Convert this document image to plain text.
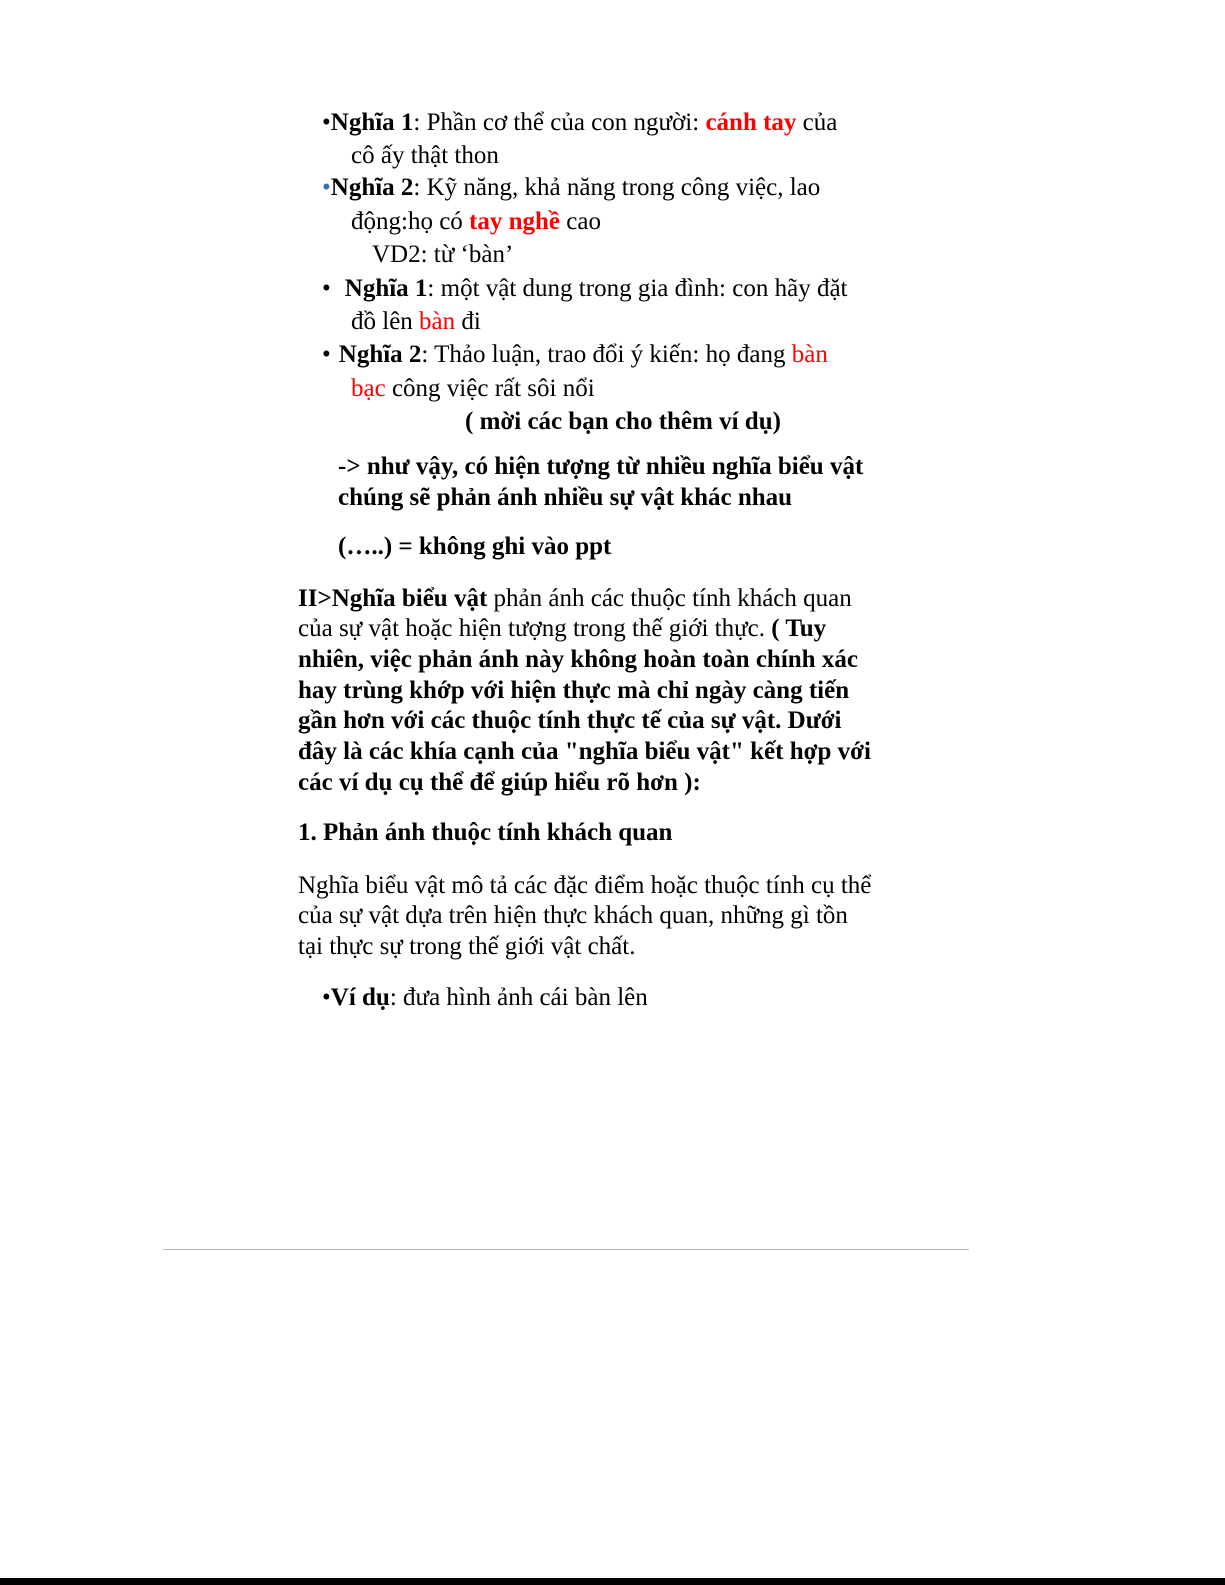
•Nghĩa 1: Phần cơ thể của con người: cánh tay của
cô ấy thật thon
•Nghĩa 2: Kỹ năng, khả năng trong công việc, lao
động:họ có tay nghề cao
VD2: từ ‘bàn’
• Nghĩa 1: một vật dung trong gia đình: con hãy đặt
đồ lên bàn đi
• Nghĩa 2: Thảo luận, trao đổi ý kiến: họ đang bàn
bạc công việc rất sôi nổi
( mời các bạn cho thêm ví dụ)
-> như vậy, có hiện tượng từ nhiều nghĩa biểu vật
chúng sẽ phản ánh nhiều sự vật khác nhau
(…..) = không ghi vào ppt
II>Nghĩa biểu vật phản ánh các thuộc tính khách quan
của sự vật hoặc hiện tượng trong thế giới thực. ( Tuy
nhiên, việc phản ánh này không hoàn toàn chính xác
hay trùng khớp với hiện thực mà chỉ ngày càng tiến
gần hơn với các thuộc tính thực tế của sự vật. Dưới
đây là các khía cạnh của "nghĩa biểu vật" kết hợp với
các ví dụ cụ thể để giúp hiểu rõ hơn ):
1. Phản ánh thuộc tính khách quan
Nghĩa biểu vật mô tả các đặc điểm hoặc thuộc tính cụ thể
của sự vật dựa trên hiện thực khách quan, những gì tồn
tại thực sự trong thế giới vật chất.
•Ví dụ: đưa hình ảnh cái bàn lên
